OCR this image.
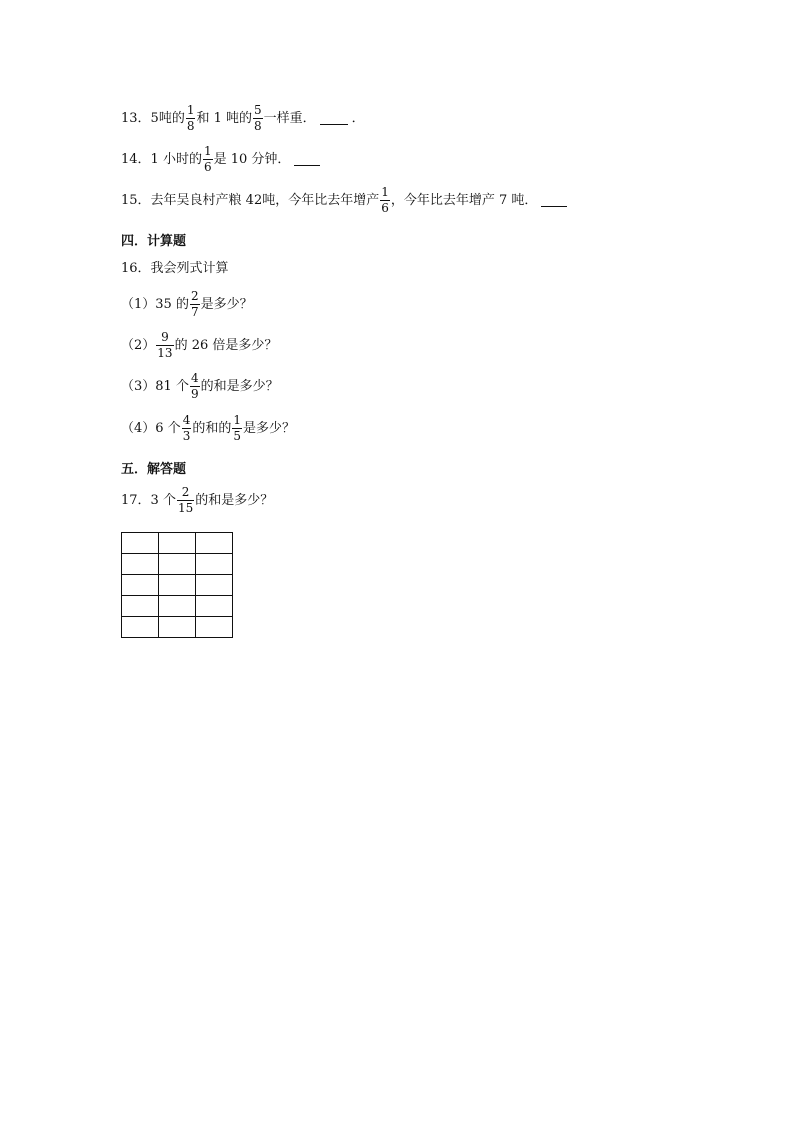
13． 5吨的 $\frac{1}{8}$ 和 1 吨的 $\frac{5}{8}$ 一样重．	．
14． 1 小时的 $\frac{1}{6}$ 是 10 分钟．
15． 去年吴良村产粮 42吨，今年比去年增产 $\frac{1}{6}$ ，今年比去年增产 7 吨．
四．计算题
16． 我会列式计算
（1） 35 的 $\frac{2}{7}$ 是多少？
$(2) \frac{9}{13}$ 的 26 倍是多少？
（3） 81 个 $\frac{4}{9}$ 的和是多少？
（4） 6 个 $\frac{4}{3}$ 的和的 $\frac{1}{5}$ 是多少？
五．解答题
17． 3 个 $\frac{2}{15}$ 的和是多少？
